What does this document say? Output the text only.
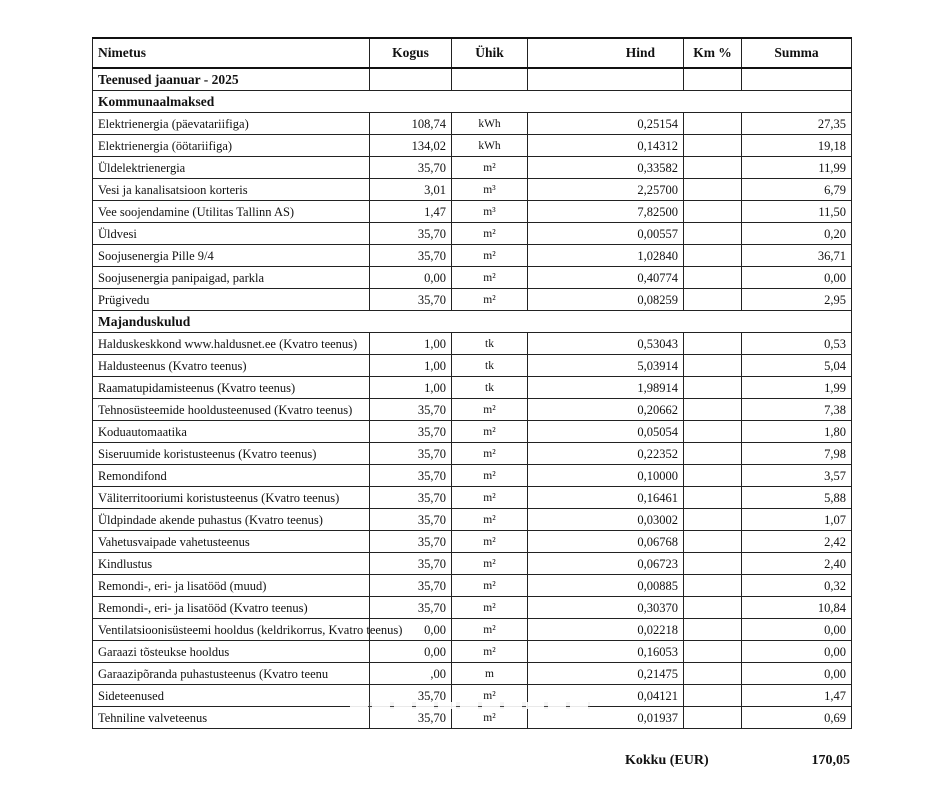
Nimetus	Kogus	Ühik	Hind	Km %	Summa
Teenused jaanuar - 2025					
Kommunaalmaksed					
Elektrienergia (päevatariifiga)	108,74	kWh	0,25154		27,35
Elektrienergia (öötariifiga)	134,02	kWh	0,14312		19,18
Üldelektrienergia	35,70	m²	0,33582		11,99
Vesi ja kanalisatsioon korteris	3,01	m³	2,25700		6,79
Vee soojendamine (Utilitas Tallinn AS)	1,47	m³	7,82500		11,50
Üldvesi	35,70	m²	0,00557		0,20
Soojusenergia Pille 9/4	35,70	m²	1,02840		36,71
Soojusenergia panipaigad, parkla	0,00	m²	0,40774		0,00
Prügivedu	35,70	m²	0,08259		2,95
Majanduskulud					
Halduskeskkond www.haldusnet.ee (Kvatro teenus)	1,00	tk	0,53043		0,53
Haldusteenus (Kvatro teenus)	1,00	tk	5,03914		5,04
Raamatupidamisteenus (Kvatro teenus)	1,00	tk	1,98914		1,99
Tehnosüsteemide hooldusteenused (Kvatro teenus)	35,70	m²	0,20662		7,38
Koduautomaatika	35,70	m²	0,05054		1,80
Siseruumide koristusteenus (Kvatro teenus)	35,70	m²	0,22352		7,98
Remondifond	35,70	m²	0,10000		3,57
Väliterritooriumi koristusteenus (Kvatro teenus)	35,70	m²	0,16461		5,88
Üldpindade akende puhastus (Kvatro teenus)	35,70	m²	0,03002		1,07
Vahetusvaipade vahetusteenus	35,70	m²	0,06768		2,42
Kindlustus	35,70	m²	0,06723		2,40
Remondi-, eri- ja lisatööd (muud)	35,70	m²	0,00885		0,32
Remondi-, eri- ja lisatööd (Kvatro teenus)	35,70	m²	0,30370		10,84
Ventilatsioonisüsteemi hooldus (keldrikorrus, Kvatro teenus)	0,00	m²	0,02218		0,00
Garaazi tõsteukse hooldus	0,00	m²	0,16053		0,00
Garaazipõranda puhastusteenus (Kvatro teenu	,00	m	0,21475		0,00
Sideteenused	35,70	m²	0,04121		1,47
Tehniline valveteenus	35,70	m²	0,01937		0,69
Kokku (EUR)	170,05
